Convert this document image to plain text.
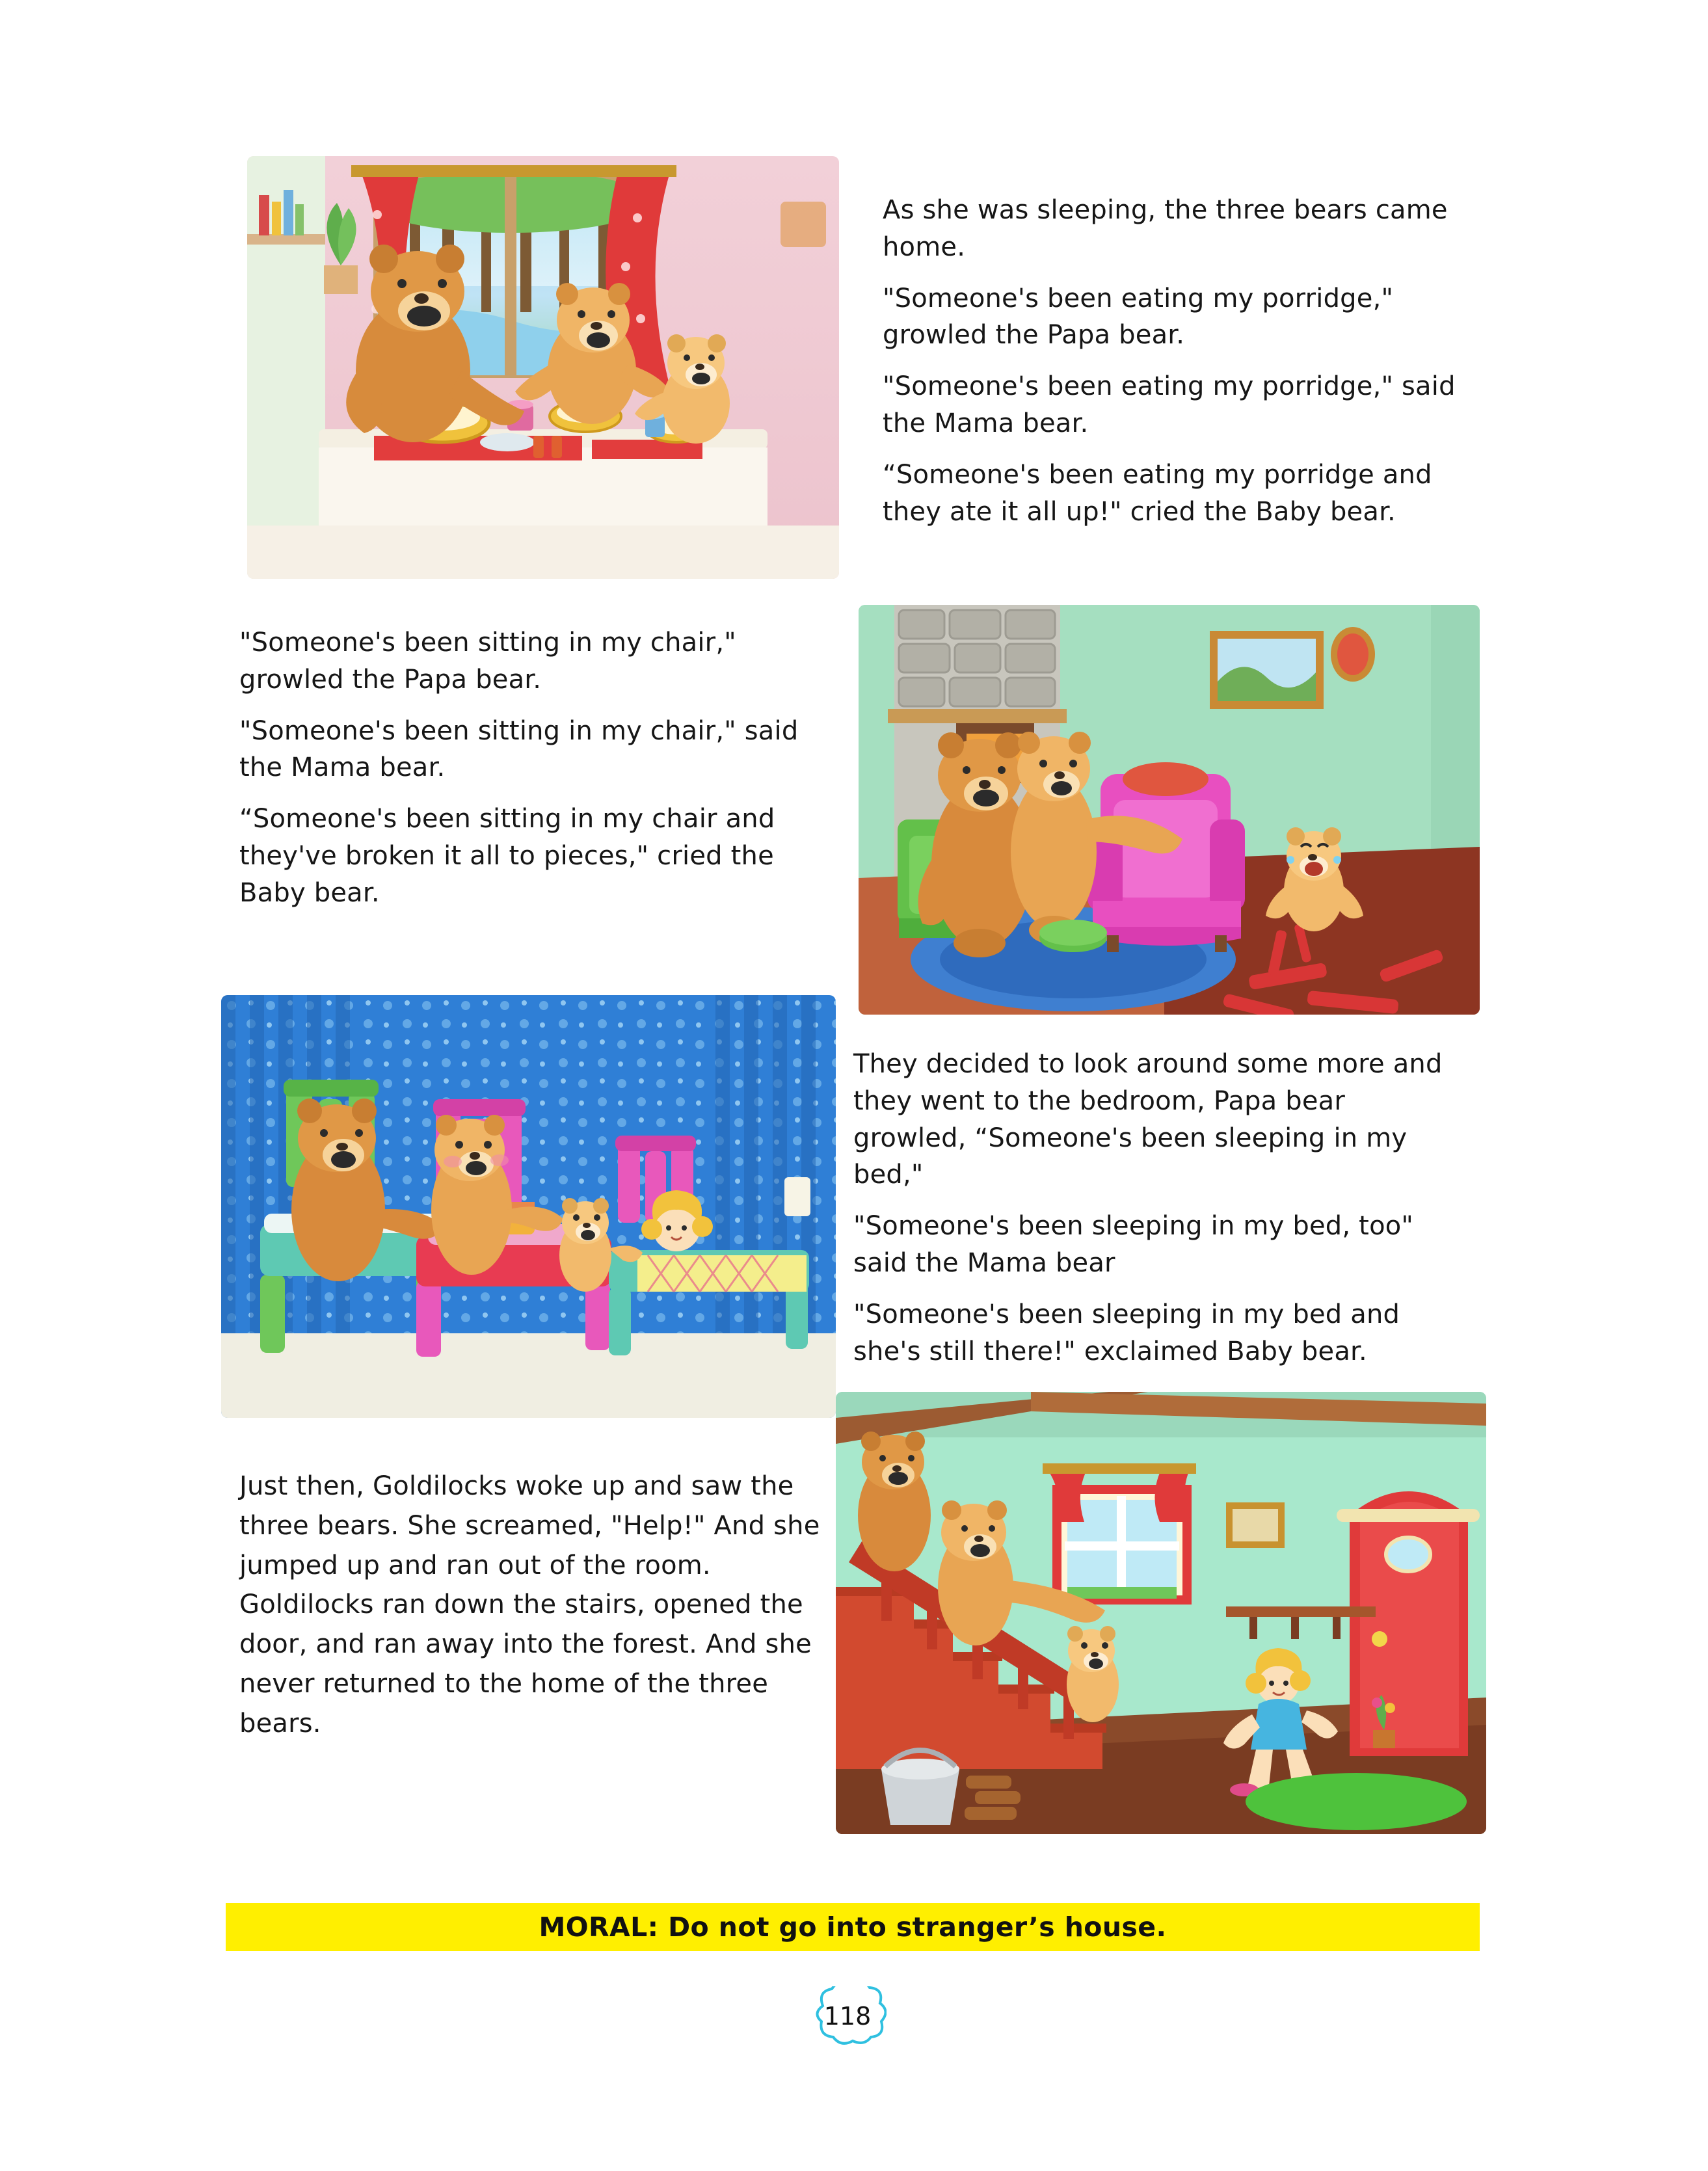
As she was sleeping, the three bears came home.

"Someone's been eating my porridge," growled the Papa bear.

"Someone's been eating my porridge," said the Mama bear.

“Someone's been eating my porridge and they ate it all up!" cried the Baby bear.

"Someone's been sitting in my chair," growled the Papa bear.

"Someone's been sitting in my chair," said the Mama bear.

“Someone's been sitting in my chair and they've broken it all to pieces," cried the Baby bear.

They decided to look around some more and they went to the bedroom, Papa bear growled, “Someone's been sleeping in my bed,"

"Someone's been sleeping in my bed, too" said the Mama bear

"Someone's been sleeping in my bed and she's still there!" exclaimed Baby bear.

Just then, Goldilocks woke up and saw the three bears. She screamed, "Help!" And she jumped up and ran out of the room. Goldilocks ran down the stairs, opened the door, and ran away into the forest. And she never returned to the home of the three bears.

MORAL: Do not go into stranger’s house.
118
